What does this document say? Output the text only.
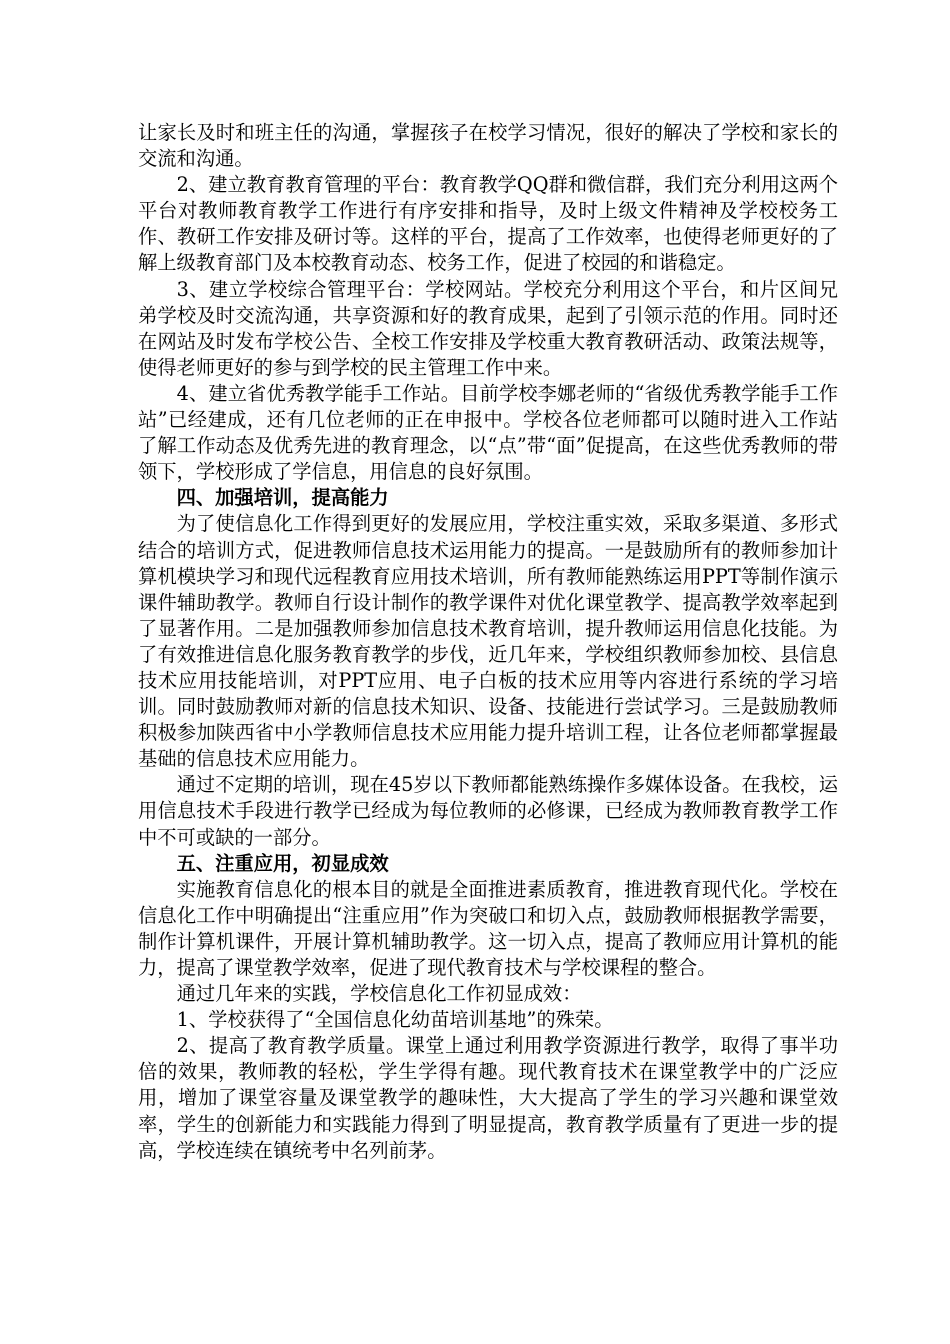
让家长及时和班主任的沟通，掌握孩子在校学习情况，很好的解决了学校和家长的交流和沟通。

2、建立教育教育管理的平台：教育教学QQ群和微信群，我们充分利用这两个平台对教师教育教学工作进行有序安排和指导，及时上级文件精神及学校校务工作、教研工作安排及研讨等。这样的平台，提高了工作效率，也使得老师更好的了解上级教育部门及本校教育动态、校务工作，促进了校园的和谐稳定。

3、建立学校综合管理平台：学校网站。学校充分利用这个平台，和片区间兄弟学校及时交流沟通，共享资源和好的教育成果，起到了引领示范的作用。同时还在网站及时发布学校公告、全校工作安排及学校重大教育教研活动、政策法规等，使得老师更好的参与到学校的民主管理工作中来。

4、建立省优秀教学能手工作站。目前学校李娜老师的“省级优秀教学能手工作站”已经建成，还有几位老师的正在申报中。学校各位老师都可以随时进入工作站了解工作动态及优秀先进的教育理念，以“点”带“面”促提高，在这些优秀教师的带领下，学校形成了学信息，用信息的良好氛围。

四、加强培训，提高能力

为了使信息化工作得到更好的发展应用，学校注重实效，采取多渠道、多形式结合的培训方式，促进教师信息技术运用能力的提高。一是鼓励所有的教师参加计算机模块学习和现代远程教育应用技术培训，所有教师能熟练运用PPT等制作演示课件辅助教学。教师自行设计制作的教学课件对优化课堂教学、提高教学效率起到了显著作用。二是加强教师参加信息技术教育培训，提升教师运用信息化技能。为了有效推进信息化服务教育教学的步伐，近几年来，学校组织教师参加校、县信息技术应用技能培训，对PPT应用、电子白板的技术应用等内容进行系统的学习培训。同时鼓励教师对新的信息技术知识、设备、技能进行尝试学习。三是鼓励教师积极参加陕西省中小学教师信息技术应用能力提升培训工程，让各位老师都掌握最基础的信息技术应用能力。

通过不定期的培训，现在45岁以下教师都能熟练操作多媒体设备。在我校，运用信息技术手段进行教学已经成为每位教师的必修课，已经成为教师教育教学工作中不可或缺的一部分。

五、注重应用，初显成效

实施教育信息化的根本目的就是全面推进素质教育，推进教育现代化。学校在信息化工作中明确提出“注重应用”作为突破口和切入点，鼓励教师根据教学需要，制作计算机课件，开展计算机辅助教学。这一切入点，提高了教师应用计算机的能力，提高了课堂教学效率，促进了现代教育技术与学校课程的整合。

通过几年来的实践，学校信息化工作初显成效：

1、学校获得了“全国信息化幼苗培训基地”的殊荣。

2、提高了教育教学质量。课堂上通过利用教学资源进行教学，取得了事半功倍的效果，教师教的轻松，学生学得有趣。现代教育技术在课堂教学中的广泛应用，增加了课堂容量及课堂教学的趣味性，大大提高了学生的学习兴趣和课堂效率，学生的创新能力和实践能力得到了明显提高，教育教学质量有了更进一步的提高，学校连续在镇统考中名列前茅。
